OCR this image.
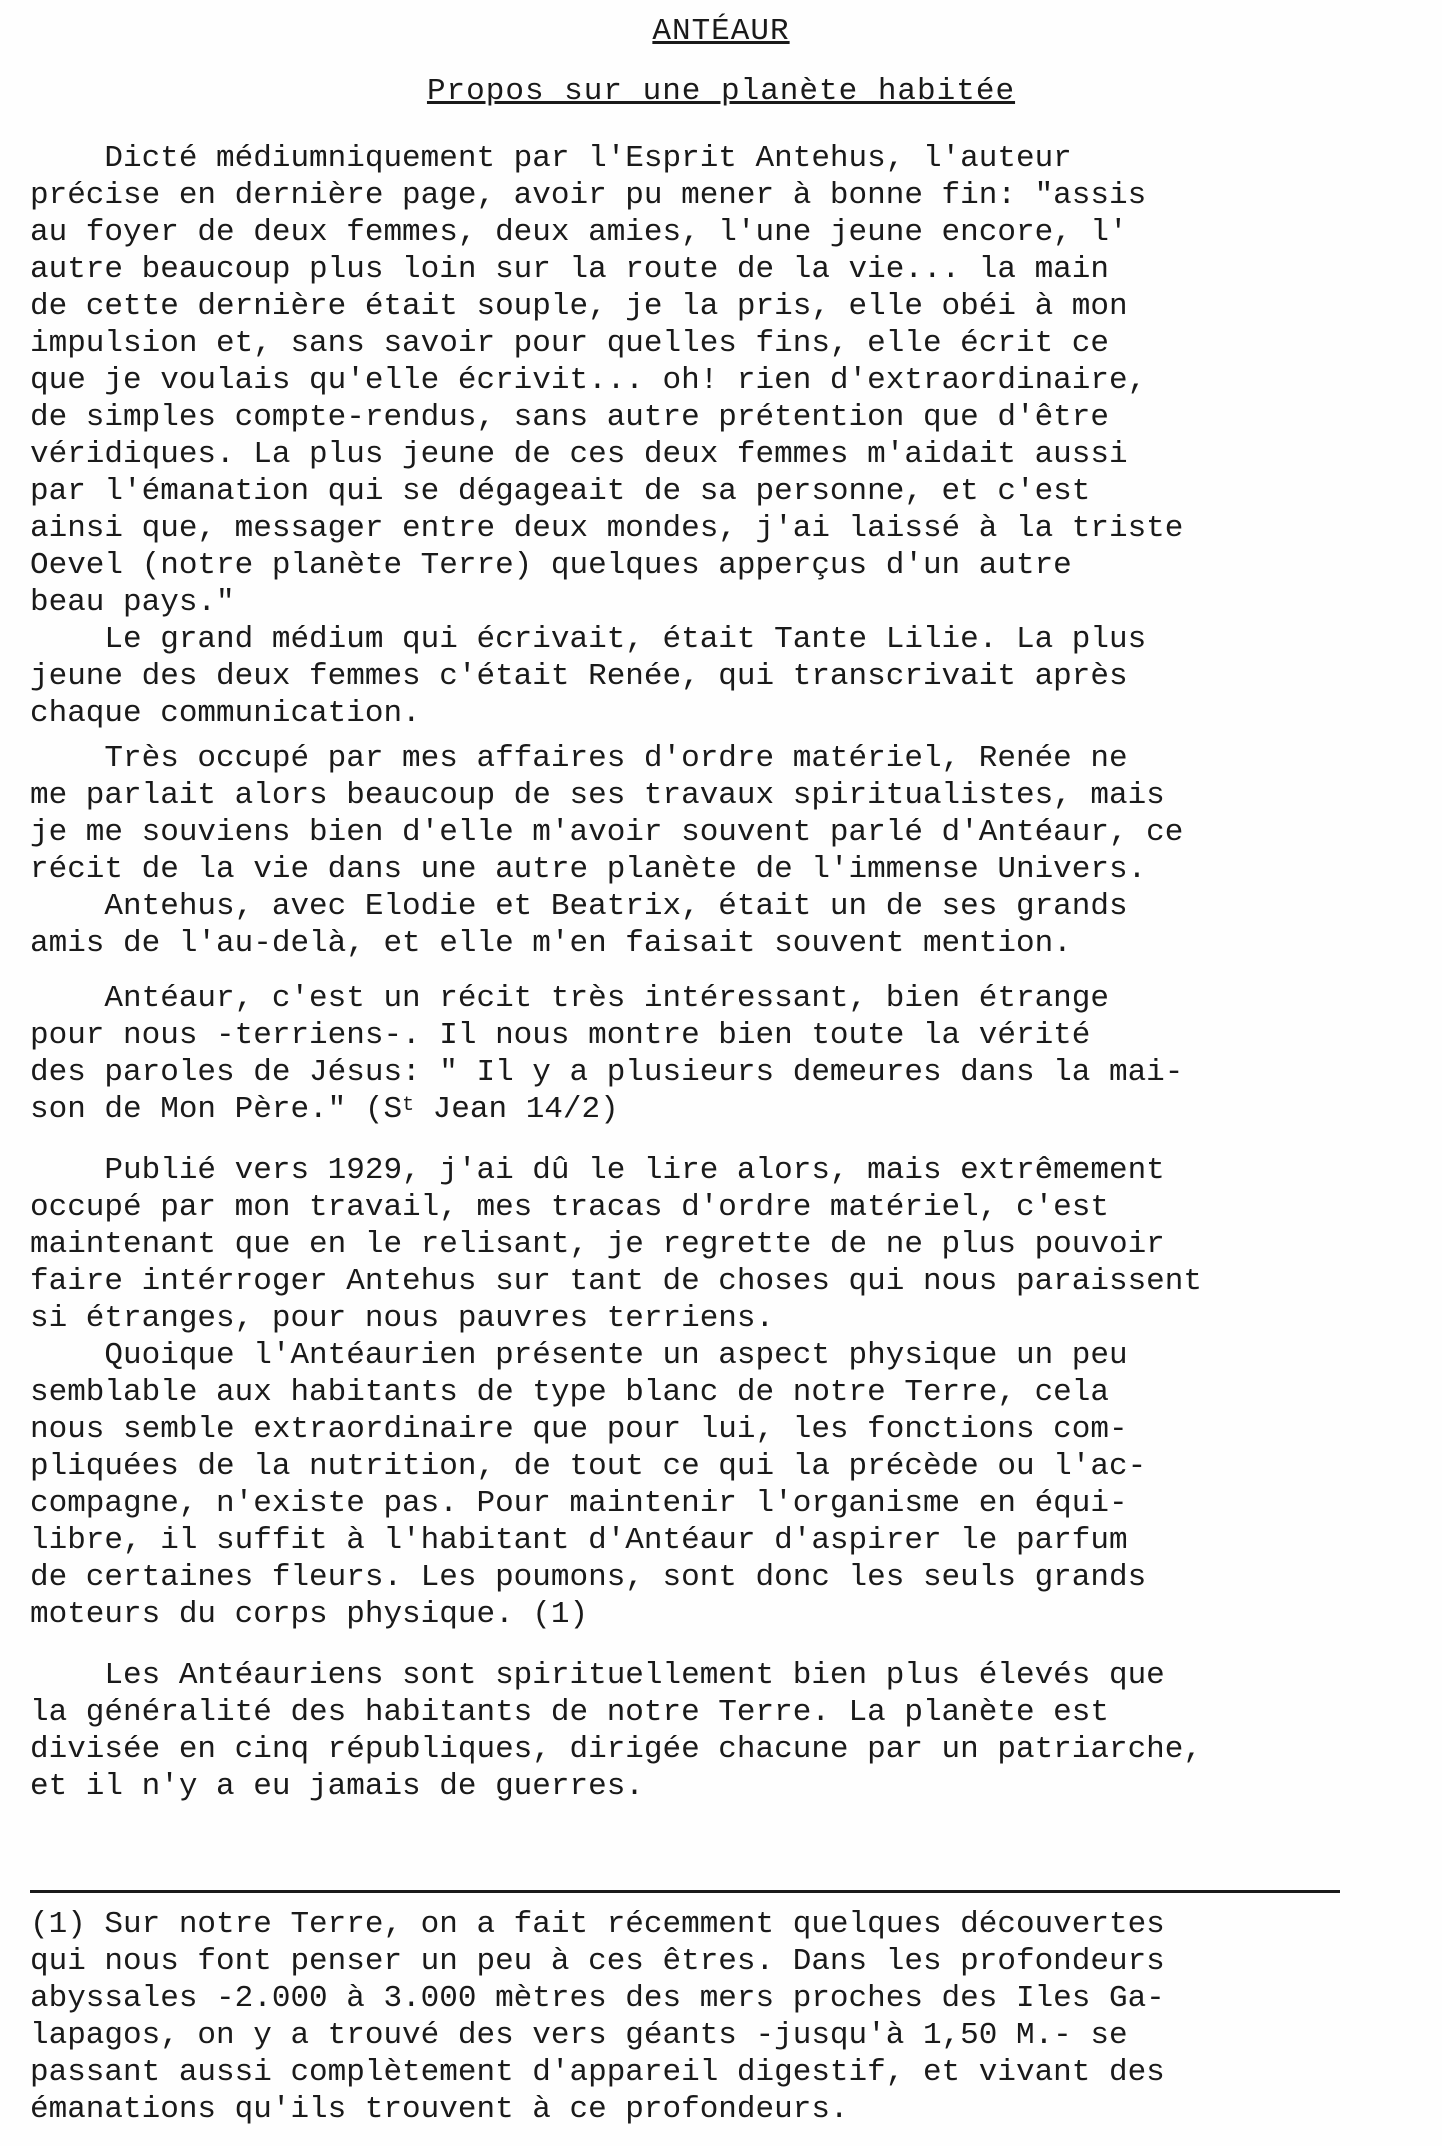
ANTÉAUR
Propos sur une planète habitée
Dicté médiumniquement par l'Esprit Antehus, l'auteur
précise en dernière page, avoir pu mener à bonne fin: "assis
au foyer de deux femmes, deux amies, l'une jeune encore, l'
autre beaucoup plus loin sur la route de la vie... la main
de cette dernière était souple, je la pris, elle obéi à mon
impulsion et, sans savoir pour quelles fins, elle écrit ce
que je voulais qu'elle écrivit... oh! rien d'extraordinaire,
de simples compte-rendus, sans autre prétention que d'être
véridiques. La plus jeune de ces deux femmes m'aidait aussi
par l'émanation qui se dégageait de sa personne, et c'est
ainsi que, messager entre deux mondes, j'ai laissé à la triste
Oevel (notre planète Terre) quelques apperçus d'un autre
beau pays."
Le grand médium qui écrivait, était Tante Lilie. La plus
jeune des deux femmes c'était Renée, qui transcrivait après
chaque communication.
Très occupé par mes affaires d'ordre matériel, Renée ne
me parlait alors beaucoup de ses travaux spiritualistes, mais
je me souviens bien d'elle m'avoir souvent parlé d'Antéaur, ce
récit de la vie dans une autre planète de l'immense Univers.
Antehus, avec Elodie et Beatrix, était un de ses grands
amis de l'au-delà, et elle m'en faisait souvent mention.
Antéaur, c'est un récit très intéressant, bien étrange
pour nous -terriens-. Il nous montre bien toute la vérité
des paroles de Jésus: " Il y a plusieurs demeures dans la mai-
son de Mon Père." ($S^t$ Jean 14/2)
Publié vers 1929, j'ai dû le lire alors, mais extrêmement
occupé par mon travail, mes tracas d'ordre matériel, c'est
maintenant que en le relisant, je regrette de ne plus pouvoir
faire intérroger Antehus sur tant de choses qui nous paraissent
si étranges, pour nous pauvres terriens.
Quoique l'Antéaurien présente un aspect physique un peu
semblable aux habitants de type blanc de notre Terre, cela
nous semble extraordinaire que pour lui, les fonctions com-
pliquées de la nutrition, de tout ce qui la précède ou l'ac-
compagne, n'existe pas. Pour maintenir l'organisme en équi-
libre, il suffit à l'habitant d'Antéaur d'aspirer le parfum
de certaines fleurs. Les poumons, sont donc les seuls grands
moteurs du corps physique. (1)
Les Antéauriens sont spirituellement bien plus élevés que
la généralité des habitants de notre Terre. La planète est
divisée en cinq républiques, dirigée chacune par un patriarche,
et il n'y a eu jamais de guerres.
(1) Sur notre Terre, on a fait récemment quelques découvertes
qui nous font penser un peu à ces êtres. Dans les profondeurs
abyssales -2.000 à 3.000 mètres des mers proches des Iles Ga-
lapagos, on y a trouvé des vers géants -jusqu'à 1,50 M.- se
passant aussi complètement d'appareil digestif, et vivant des
émanations qu'ils trouvent à ce profondeurs.
